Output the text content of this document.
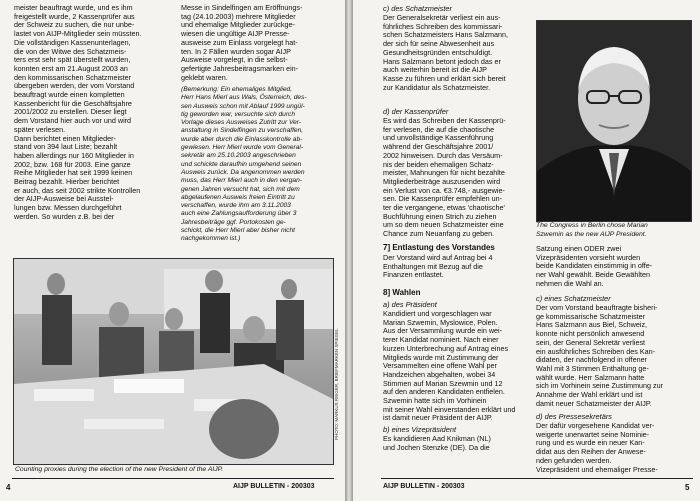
meister beauftragt wurde, und es ihm
freigestellt wurde, 2 Kassenprüfer aus
der Schweiz zu suchen, die nur unbe-
lastet von AIJP-Mitglieder sein müssten.
Die vollständigen Kassenunterlagen,
die von der Witwe des Schatzmeis-
ters erst sehr spät überstellt wurden,
konnten erst am 21.August 2003 an
den kommissarischen Schatzmeister
übergeben werden, der vom Vorstand
beauftragt wurde einen kompletten
Kassenbericht für die Geschäftsjahre
2001/2002 zu erstellen. Dieser liegt
dem Vorstand hier auch vor und wird
später verlesen.
Dann berichtet einen Mitglieder-
stand von 394 laut Liste; bezahlt
haben allerdings nur 160 Mitglieder in
2002, bzw. 168 für 2003. Eine ganze
Reihe Mitglieder hat seit 1999 keinen
Beitrag bezahlt. Hierber berichtet
er auch, das seit 2002 strikte Kontrollen
der AIJP-Ausweise bei Ausstel-
lungen bzw. Messen durchgeführt
werden. So wurden z.B. bei der
Messe in Sindelfingen am Eröffnungs-
tag (24.10.2003) mehrere Mitglieder
und ehemalige Mitglieder zurückge-
wiesen die ungültige AIJP Presse-
ausweise zum Einlass vorgelegt hat-
ten. In 2 Fällen wurden sogar AIJP
Ausweise vorgelegt, in die selbst-
gefertigte Jahresbeitragsmarken ein-
geklebt waren.
(Bemerkung: Ein ehemaliges Mitglied,
Herr Hans Mierl aus Wals, Österreich, des-
sen Ausweis schon mit Ablauf 1999 ungül-
tig geworden war, versuchte sich durch
Vorlage dieses Ausweises Zutritt zur Ver-
anstaltung in Sindelfingen zu verschaffen,
wurde aber durch die Einlasskontrolle ab-
gewiesen. Herr Mierl wurde vom General-
sekretär am 25.10.2003 angeschrieben
und schickte daraufhin umgehend seinen
Ausweis zurück. Da angenommen werden
muss, das Herr Mierl auch in den vergan-
genen Jahren versucht hat, sich mit dem
abgelaufenen Ausweis freien Eintritt zu
verschaffen, wurde ihm am 3.11.2003
auch eine Zahlungsaufforderung über 3
Jahresbeiträge ggf. Portokosten ge-
schickt, die Herr Mierl aber bisher nicht
nachgekommen ist.)
PHOTO: MARKUS RIEGER, BRIEFMARKEN SPIEGEL
Counting proxies during the election of the new President of the AIJP.
4	AIJP BULLETIN - 200303
c) des Schatzmeister
Der Generalsekretär verliest ein aus-
führliches Schreiben des kommissari-
schen Schatzmeisters Hans Salzmann,
der sich für seine Abwesenheit aus
Gesundheitsgründen entschuldigt.
Hans Salzmann betont jedoch das er
auch weiterhin bereit ist die AIJP
Kasse zu führen und erklärt sich bereit
zur Kandidatur als Schatzmeister.
d) der Kassenprüfer
Es wird das Schreiben der Kassenprü-
fer verlesen, die auf die chaotische
und unvollständige Kassenführung
während der Geschäftsjahre 2001/
2002 hinweisen. Durch das Versäum-
nis der beiden ehemaligen Schatz-
meister, Mahnungen für nicht bezahlte
Mitgliederbeiträge auszusenden wird
ein Verlust von ca. €3.748,- ausgewie-
sen. Die Kassenprüfer empfehlen un-
ter die vergangene, etwas 'chaotische'
Buchführung einen Strich zu ziehen
um so dem neuen Schatzmeister eine
Chance zum Neuanfang zu geben.
7] Entlastung des Vorstandes
Der Vorstand wird auf Antrag bei 4
Enthaltungen mit Bezug auf die
Finanzen entlastet.
8] Wahlen
a) des Präsident
Kandidiert und vorgeschlagen war
Marian Szwemin, Myslowice, Polen.
Aus der Versammlung wurde ein wei-
terer Kandidat nominiert. Nach einer
kurzen Unterbrechung auf Antrag eines
Mitglieds wurde mit Zustimmung der
Versammelten eine offene Wahl per
Handzeichen abgehalten, wobei 34
Stimmen auf Marian Szewmin und 12
auf den anderen Kandidaten entfielen.
Szwemin hatte sich im Vorhinein
mit seiner Wahl einverstanden erklärt und
ist damit neuer Präsident der AIJP.
b) eines Vizepräsident
Es kandidieren Aad Knikman (NL)
und Jochen Stenzke (DE). Da die
The Congress in Berlin chose Marian
Szwemin as the new AIJP President.
Satzung einen ODER zwei
Vizepräsidenten vorsieht wurden
beide Kandidaten einstimmig in offe-
ner Wahl gewählt. Beide Gewählten
nehmen die Wahl an.
c) eines Schatzmeister
Der vom Vorstand beauftragte bisheri-
ge kommissarische Schatzmeister
Hans Salzmann aus Biel, Schweiz,
konnte nicht persönlich anwesend
sein, der General Sekretär verliest
ein ausführliches Schreiben des Kan-
didaten, der nachfolgend in offener
Wahl mit 3 Stimmen Enthaltung ge-
wählt wurde. Herr Salzmann hatte
sich im Vorhinein seine Zustimmung zur
Annahme der Wahl erklärt und ist
damit neuer Schatzmeister der AIJP.
d) des Pressesekretärs
Der dafür vorgesehene Kandidat ver-
weigerte unerwartet seine Nominie-
rung und es wurde ein neuer Kan-
didat aus den Reihen der Anwese-
nden gefunden werden.
Vizepräsident und ehemaliger Presse-
AIJP BULLETIN - 200303	5
